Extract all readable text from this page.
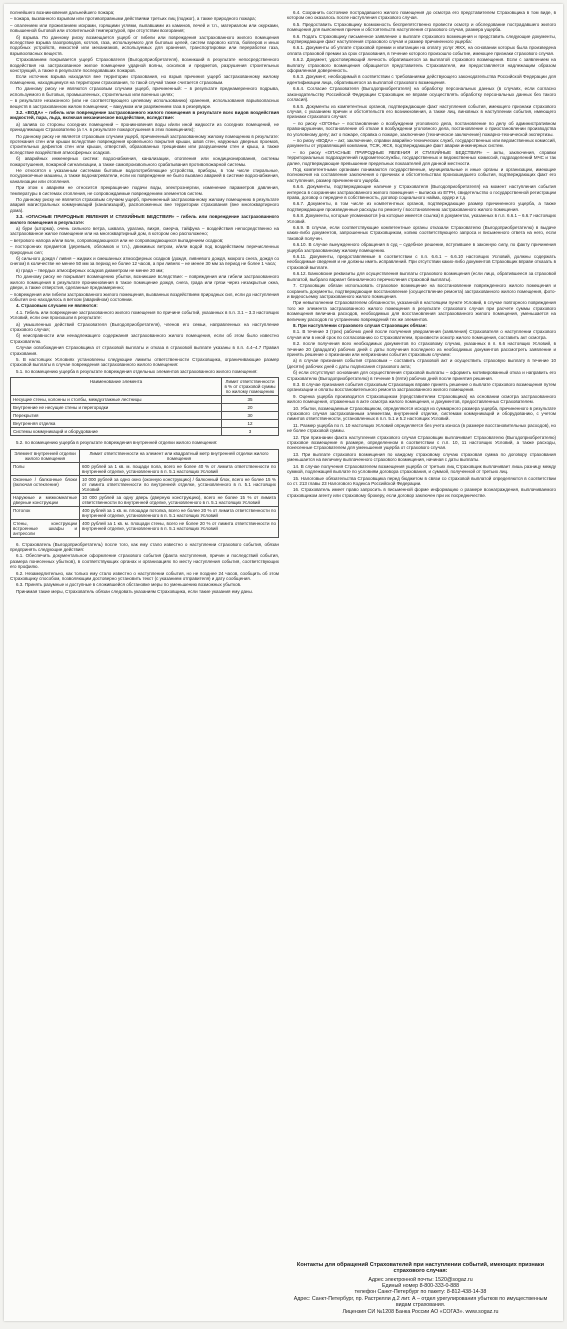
полнейшего возникновения дальнейшего пожара;

– пожара, вызванного взрывом или противоправными действиями третьих лиц (поджог), а также природного пожара;

– опалением или прожиганием искрами, горящими углями, выпавшими из каминов, печей и т.п., материалом или окурками, повышенной бытовой или отопительной температурой, при отсутствии возгорания;

б) взрыва. По данному риску возмещается ущерб от гибели или повреждения застрахованного жилого помещения вследствие взрыва газопроводов, котлов, газа, используемого для бытовых целей, систем парового котла, бойлеров и иных подобных устройств, емкостей или механизмов, используемых для хранения, транспортировки или переработки газа, взрывоопасных веществ.

Страхованием покрывается ущерб Страхователя (Выгодоприобретателя), возникший в результате непосредственного воздействия на застрахованное жилое помещение ударной волны, осколков и предметов, разрушения строительных конструкций, а также в результате последовавших пожаров.

Если источник взрыва находился вне территории страхования, но взрыв причинил ущерб застрахованному жилому помещению, находящемуся на территории страхования, то такой случай также считается страховым.

По данному риску не являются страховым случаем ущерб, причиненный: – в результате преднамеренного подрыва, используемого в бытовых, промышленных, строительных или военных целях;

– в результате незаконного (или не соответствующего целевому использованию) хранения, использования взрывоопасных веществ в застрахованном жилом помещении; – вакуумом или разряжением газа в резервуаре.

3.2. «ВОДА» – гибель или повреждение застрахованного жилого помещения в результате всех видов воздействия жидкостей, пара, льда, включая механическое воздействие, вследствие:

а) залива со стороны соседних помещений – проникновения воды и/или иной жидкости из соседних помещений, не принадлежащих Страхователю (а т.ч. в результате пожаротушения в этих помещениях);

По данному риску не является страховым случаем ущерб, причиненный застрахованному жилому помещению в результате: протекания стен или крыши вследствие повреждения кровельного покрытия крыши, швов стен, наружных дверных проемов, строительных дефектов стен или крыши, отверстий, образованных трещинами или разрушением стен и крыш, а также вследствие воздействия атмосферных осадков.

б) аварийных инженерных систем: водоснабжения, канализации, отопления или кондиционирования, системы пожаротушения, пожарной сигнализации, а также самопроизвольного срабатывания противопожарной системы.

Не относятся к указанным системам бытовые водопотребляющие устройства, приборы, в том числе стиральные, посудомоечные машины, а также водонагреватели, если их повреждение не было вызвано аварией в системе водоснабжения, канализации или отопления.

При этом к авариям не относится прекращение подачи воды, электроэнергии, изменение параметров давления, температуры в системах отопления, не сопровождаемые повреждением элементов систем.

По данному риску не является страховым случаем ущерб, причиненный застрахованному жилому помещению в результате аварий магистральных коммуникаций (канализаций), расположенных вне территории страхования (вне многоквартирного дома).

3.3. «ОПАСНЫЕ ПРИРОДНЫЕ ЯВЛЕНИЯ И СТИХИЙНЫЕ БЕДСТВИЯ» – гибель или повреждение застрахованного жилого помещения в результате:

а) бури (шторма), очень сильного ветра, шквала, урагана, вихря, смерча, тайфуна – воздействия непосредственно на застрахованное жилое помещение или на многоквартирный дом, в котором оно расположено;

– ветрового напора и/или волн, сопровождающихся или не сопровождающихся выпадением осадков;

– посторонних предметов (деревьев, обломков и т.п.), движимых ветром, и/или водой под воздействием перечисленных природных сил;

б) сильного дождя / ливня – жидких и смешанных атмосферных осадков (дождя, ливневого дождя, мокрого снега, дождя со снегом) в количестве не менее 50 мм за период не более 12 часов, а при ливнях – не менее 30 мм за период не более 1 часа;

в) града – твердых атмосферных осадков диаметром не менее 20 мм;

По данному риску не покрывает возмещению убытки, возникшие вследствие: – повреждения или гибели застрахованного жилого помещения в результате проникновения в такое помещение дождя, снега, града или грязи через незакрытые окна, двери, а также отверстия, сделанные преднамеренно;

– повреждения или гибели застрахованного жилого помещения, вызванных воздействием природных сил, если до наступления события оно находилось в ветхом (аварийном) состоянии.

4. Страховым случаем не являются:

4.1. Гибель или повреждение застрахованного жилого помещения по причине событий, указанных в п.п. 3.1 – 3.3 настоящих Условий, если они произошли в результате:

а) умышленных действий Страхователя (Выгодоприобретателя), членов его семьи, направленных на наступление страхового случая;

б) неисправности или ненадлежащего содержания застрахованного жилого помещения, если об этом было известно Страхователю.

Случаи освобождения Страховщика от страховой выплаты и отказа в страховой выплате указаны в п.п. 4.4–4.7 Правил страхования.

5. В настоящих Условиях установлены следующие лимиты ответственности Страховщика, ограничивающие размер страховой выплаты в случае повреждения застрахованного жилого помещения:

5.1. по возмещению ущерба в результате повреждения отдельных элементов застрахованного жилого помещения:

Наименование элемента	Лимит ответственности в % от страховой суммы по жилому помещению
Несущие стены, колонны и столбы, междуэтажные лестницы	35
Внутренние не несущие стены и перегородки	20
Перекрытия	30
Внутренняя отделка	12
Системы коммуникаций и оборудование	3

5.2. по возмещению ущерба в результате повреждения внутренней отделки жилого помещения:

Элемент внутренней отделки жилого помещения	Лимит ответственности на элемент или квадратный метр внутренней отделки жилого помещения
Полы	600 рублей за 1 кв. м. пощади пола, всего не более 40 % от лимита ответственности по внутренней отделке, установленного в п. 5.1 настоящих Условий
Оконные / балконные блоки (включая остекление)	10 000 рублей за одно окно (оконную конструкцию) / балконный блок, всего не более 15 % от лимита ответственности по внутренней отделке, установленного в п. 5.1 настоящих Условий
Наружные и межкомнатные дверные конструкции	10 000 рублей за одну дверь (дверную конструкцию), всего не более 15 % от лимита ответственности по внутренней отделке, установленного в п. 5.1 настоящих Условий
Потолок	400 рублей за 1 кв. м. площади потолка, всего не более 20 % от лимита ответственности по внутренней отделке, установленного в п. 5.1 настоящих Условий
Стены, конструкции встроенные шкафы и антресоли	400 рублей за 1 кв. м. площади стены, всего не более 20 % от лимита ответственности по внутренней отделке, установленного в п. 5.1 настоящих Условий

6. Страхователь (Выгодоприобретатель) после того, как ему стало известно о наступлении страхового события, обязан предпринять следующие действия:

6.1. Обеспечить документальное оформление страхового события (факта наступления, причин и последствий события, размера понесенных убытков), в соответствующих органах и организациях по месту наступления события, соответствующих его профилю.

6.2. Незамедлительно, как только ему стало известно о наступлении события, но не позднее 24 часов, сообщить об этом Страховщику способом, позволяющим достоверно установить текст (с указанием отправителя) и дату сообщения.

6.3. Принять разумные и доступные в сложившейся обстановке меры по уменьшению возможных убытков.

Принимая такие меры, Страхователь обязан следовать указаниям Страховщика, если такие указания ему даны.

6.4. Сохранить состояние пострадавшего жилого помещения до осмотра его представителем Страховщика в том виде, в котором оно оказалось после наступления страхового случая.

6.5. Предоставить Страховщику возможность беспрепятственно провести осмотр и обследование пострадавшего жилого помещения для выяснения причин и обстоятельств наступления страхового случая, размера ущерба.

6.6. Подать Страховщику письменное заявление о выплате страхового возмещения и представить следующие документы, подтверждающие факт наступления страхового случая и размер причиненного ущерба:

6.6.1. Документы об уплате страховой премии и квитанции на оплату услуг ЖКХ, на основании которых была произведена оплата страховой премии за срок страхования, в течение которого произошло событие, имеющее признаки страхового случая.

6.6.2. Документ, удостоверяющий личность обратившегося за выплатой страхового возмещения. Если с заявлением на выплату страхового возмещения обращается представитель Страхователя, им предоставляется надлежащим образом оформленная доверенность.

6.6.3. Документ, необходимый в соответствии с требованиями действующего законодательства Российской Федерации для идентификации лица, обратившегося за выплатой страхового возмещения.

6.6.4. Согласие Страхователя (Выгодоприобретателя) на обработку персональных данных (в случаях, если согласно законодательству Российской Федерации Страховщик не вправе осуществлять обработку персональных данных без такого согласия).

6.6.5. Документы из компетентных органов, подтверждающие факт наступления события, имеющего признаки страхового случая, с указанием причин и обстоятельств его возникновения, а также лиц, виновных в наступлении события, имеющего признаки страхового случая:

– по риску «ОГОНЬ» – постановление о возбуждении уголовного дела, постановление по делу об административном правонарушении, постановление об отказе в возбуждении уголовного дела, постановление о приостановлении производства по уголовному делу; акт о пожаре, справка о пожаре, заключение (техническое заключение) пожарно-технической экспертизы.

– по риску «ВОДА» – акт, заключение, справки аварийно-технических служб, государственных или ведомственных комиссий, документы от управляющей компании, ТСЖ, ЖСК, подтверждающие факт аварии инженерных систем.

– по риску «ОПАСНЫЕ ПРИРОДНЫЕ ЯВЛЕНИЯ И СТИХИЙНЫЕ БЕДСТВИЯ» – акты, заключения, справки территориальных подразделений гидрометеослужбы, государственных и ведомственных комиссий, подразделений МЧС и так далее, подтверждающие превышение предельных показателей для данной местности.

Под компетентными органами понимаются государственные, муниципальные и иные органы и организации, имеющие полномочия на составление заключения о причинах и обстоятельствах произошедшего события, подтверждающих факт его наступления, размер причиненного ущерба.

6.6.6. Документы, подтверждающие наличие у Страхователя (Выгодоприобретателя) на момент наступления события интереса в сохранении застрахованного жилого помещения – выписка из ЕГРН, свидетельство о государственной регистрации права, договор о передаче в собственность, договор социального найма, ордер и т.д.

6.6.7. Документы, в том числе из компетентных органов, подтверждающие размер причиненного ущерба, а также подтверждающие произведенные расходы по ремонту / восстановлению застрахованного жилого помещения.

6.6.8. Документы, которые упоминаются (на которые имеется ссылка) в документах, указанных в п.п. 6.6.1 – 6.6.7 настоящих Условий.

6.6.9. В случае, если соответствующие компетентные органы отказали Страхователю (Выгодоприобретателю) в выдаче каких-либо документов, запрошенных Страховщиком, копию соответствующего запроса и письменного ответа на него, если таковой получен.

6.6.10. В случае вынужденного обращения в суд – судебное решение, вступившее в законную силу, по факту причинения ущерба застрахованному жилому помещению.

6.6.11. Документы, предоставляемые в соответствии с п.п. 6.6.1 – 6.6.10 настоящих Условий, должны содержать необходимые сведения и не должны иметь исправлений. При отсутствии каких-либо документов Страховщик вправе отказать в страховой выплате.

6.6.12. Банковские реквизиты для осуществления выплаты страхового возмещения (если лицо, обратившееся за страховой выплатой, выбрало вариант безналичного перечисления страховой выплаты).

7. Страховщик обязан использовать страховое возмещение на восстановление поврежденного жилого помещения и сохранить документы, подтверждающие восстановление (осуществление ремонта) застрахованного жилого помещения, фото- и видеосъемку застрахованного жилого помещения.

При невыполнении Страхователем обязанности, указанной в настоящем пункте Условий, в случае повторного повреждения того же элемента застрахованного жилого помещения в результате страхового случая при расчете суммы страхового возмещения величина расходов, необходимых для восстановления застрахованного жилого помещения, уменьшается на величину расходов по устранению повреждений тех же элементов.

8. При наступлении страхового случая Страховщик обязан:

8.1. В течение 3 (трех) рабочих дней после получения уведомления (заявления) Страхователя о наступлении страхового случая или в иной срок по согласованию со Страхователем, произвести осмотр жилого помещения, составить акт осмотра.

8.2. после получения всех необходимых документов по страховому случаю, указанных в п. 6.6 настоящих Условий, в течение 20 (двадцати) рабочих дней с даты получения последнего из необходимых документов рассмотреть заявление и принять решение о признании или непризнании события страховым случаем:

а) в случае признания события страховым – составить страховой акт и осуществить страховую выплату в течение 10 (десяти) рабочих дней с даты подписания страхового акта;

б) если отсутствуют основания для осуществления страховой выплаты – оформить мотивированный отказ и направить его Страхователю (Выгодоприобретателю) в течение 5 (пяти) рабочих дней после принятия решения.

8.3. В случае признания события страховым Страховщик вправе принять решение о выплате страхового возмещения путем организации и оплаты восстановительного ремонта застрахованного жилого помещения.

9. Оценка ущерба производится Страховщиком (представителем Страховщика) на основании осмотра застрахованного жилого помещения, отраженных в акте осмотра жилого помещения, и документов, предоставленных Страхователем.

10. Убытки, возмещаемые Страховщиком, определяются исходя из суммарного размера ущерба, причиненного в результате страхового случая застрахованным элементам, внутренней отделке, системам коммуникаций и оборудованию, с учетом лимитов ответственности, установленных в п.п. 5.1 и 5.2 настоящих Условий.

11. Размер ущерба по п. 10 настоящих Условий определяется без учета износа (в размере восстановительных расходов), но не более страховой суммы.

12. При признании факта наступления страхового случая Страховщик выплачивает Страхователю (Выгодоприобретателю) страховое возмещение в размере, определенном в соответствии с п.п. 10, 11 настоящих Условий, а также расходы, понесенные Страхователем для уменьшения ущерба от страхового случая.

13. При выплате страхового возмещения по каждому страховому случаю страховая сумма по договору страхования уменьшается на величину выплаченного страхового возмещения, начиная с даты выплаты.

14. В случае получения Страхователем возмещения ущерба от третьих лиц Страховщик выплачивает лишь разницу между суммой, подлежащей выплате по условиям договора страхования, и суммой, полученной от третьих лиц.

15. Налоговые обязательства Страховщика перед бюджетом в связи со страховой выплатой определяются в соответствии со ст. 213 главы 23 Налогового Кодекса Российской Федерации.

16. Страхователь имеет право запросить в письменной форме информацию о размере вознаграждения, выплачиваемого страховщиком агенту или страховому брокеру, если договор заключен при их посредничестве.

Контакты для обращений Страхователей при наступлении событий, имеющих признаки страхового случая:
Адрес электронной почты: 1520@sogaz.ru
Единый номер 8-800-333-0-888
телефон Санкт-Петербург по пакету: 8-812-438-14-38
Адрес: Санкт-Петербург, пр. Растрелли д.2 лит. А – отдел урегулирования убытков по имущественным видам страхования.
Лицензия СИ №1208 Банка России АО «СОГАЗ». www.sogaz.ru
